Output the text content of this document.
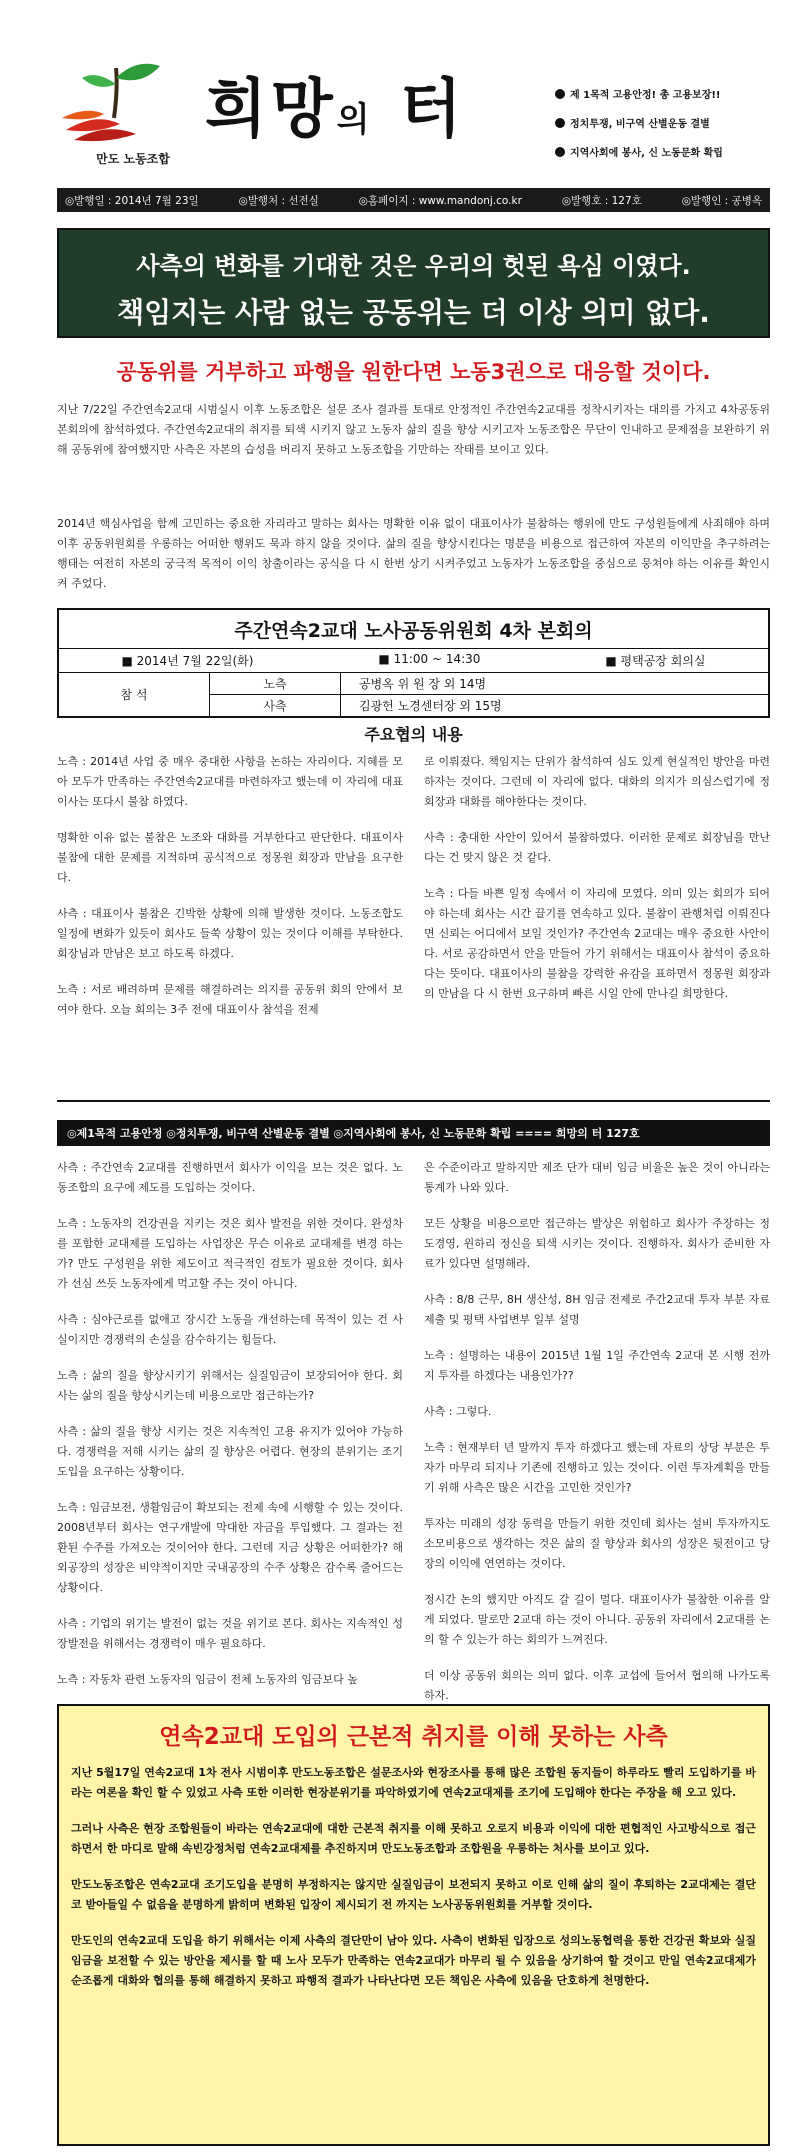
만도 노동조합
희망의 터	제 1목적 고용안정! 총 고용보장!!
정치투쟁, 비구역 산별운동 결별
지역사회에 봉사, 신 노동문화 확립
◎발행일 : 2014년 7월 23일	◎발행처 : 선전실	◎홈페이지 : www.mandonj.co.kr	◎발행호 : 127호	◎발행인 : 공병옥
사측의 변화를 기대한 것은 우리의 헛된 욕심 이였다.
책임지는 사람 없는 공동위는 더 이상 의미 없다.
공동위를 거부하고 파행을 원한다면 노동3권으로 대응할 것이다.
지난 7/22일 주간연속2교대 시범실시 이후 노동조합은 설문 조사 결과를 토대로 안정적인 주간연속2교대를 정착시키자는 대의를 가지고 4차공동위 본회의에 참석하였다. 주간연속2교대의 취지를 퇴색 시키지 않고 노동자 삶의 질을 향상 시키고자 노동조합은 무단이 인내하고 문제점을 보완하기 위해 공동위에 참여했지만 사측은 자본의 습성을 버리지 못하고 노동조합을 기만하는 작태를 보이고 있다.
2014년 핵심사업을 함께 고민하는 중요한 자리라고 말하는 회사는 명확한 이유 없이 대표이사가 불참하는 행위에 만도 구성원들에게 사죄해야 하며 이후 공동위원회를 우롱하는 어떠한 행위도 묵과 하지 않을 것이다. 삶의 질을 향상시킨다는 명분을 비용으로 접근하여 자본의 이익만을 추구하려는 행태는 여전히 자본의 궁극적 목적이 이익 창출이라는 공식을 다 시 한번 상기 시켜주었고 노동자가 노동조합을 중심으로 뭉쳐야 하는 이유를 확인시켜 주었다.
주간연속2교대 노사공동위원회 4차 본회의
■ 2014년 7월 22일(화)	■ 11:00 ~ 14:30	■ 평택공장 회의실
참 석
노측	공병옥 위 원 장 외 14명
사측	김광헌 노경센터장 외 15명
주요협의 내용

노측 : 2014년 사업 중 매우 중대한 사항을 논하는 자리이다. 지혜를 모아 모두가 만족하는 주간연속2교대를 마련하자고 했는데 이 자리에 대표이사는 또다시 불참 하였다.

명확한 이유 없는 불참은 노조와 대화를 거부한다고 판단한다. 대표이사 불참에 대한 문제를 지적하며 공식적으로 정몽원 회장과 만남을 요구한다.

사측 : 대표이사 불참은 긴박한 상황에 의해 발생한 것이다. 노동조합도 일정에 변화가 있듯이 회사도 들쑥 상황이 있는 것이다 이해를 부탁한다. 회장님과 만남은 보고 하도록 하겠다.

노측 : 서로 배려하며 문제를 해결하려는 의지를 공동위 회의 안에서 보여야 한다. 오늘 회의는 3주 전에 대표이사 참석을 전제

로 이뤄졌다. 책임지는 단위가 참석하여 심도 있게 현실적인 방안을 마련하자는 것이다. 그런데 이 자리에 없다. 대화의 의지가 의심스럽기에 정 회장과 대화를 해야한다는 것이다.

사측 : 충대한 사안이 있어서 불참하였다. 이러한 문제로 회장님을 만난 다는 건 맞지 않은 것 같다.

노측 : 다들 바쁜 일정 속에서 이 자리에 모였다. 의미 있는 회의가 되어야 하는데 회사는 시간 끌기를 연속하고 있다. 불참이 관행처럼 이뤄진다면 신뢰는 어디에서 보일 것인가? 주간연속 2교대는 매우 중요한 사안이다. 서로 공감하면서 안을 만들어 가기 위해서는 대표이사 참석이 중요하다는 뜻이다. 대표이사의 불참을 강력한 유감을 표하면서 정몽원 회장과의 만남을 다 시 한번 요구하며 빠른 시일 안에 만나길 희망한다.

◎제1목적 고용안정 ◎정치투쟁, 비구역 산별운동 결별 ◎지역사회에 봉사, 신 노동문화 확립 ==== 희망의 터 127호

사측 : 주간연속 2교대를 진행하면서 회사가 이익을 보는 것은 없다. 노동조합의 요구에 제도를 도입하는 것이다.

노측 : 노동자의 건강권을 지키는 것은 회사 발전을 위한 것이다. 완성차를 포함한 교대제를 도입하는 사업장은 무슨 이유로 교대제를 변경 하는가? 만도 구성원을 위한 제도이고 적극적인 검토가 필요한 것이다. 회사가 선심 쓰듯 노동자에게 먹고할 주는 것이 아니다.

사측 : 심야근로를 없애고 장시간 노동을 개선하는데 목적이 있는 건 사실이지만 경쟁력의 손실을 감수하기는 힘들다.

노측 : 삶의 질을 향상시키기 위해서는 실질임금이 보장되어야 한다. 회사는 삶의 질을 향상시키는데 비용으로만 접근하는가?

사측 : 삶의 질을 향상 시키는 것은 지속적인 고용 유지가 있어야 가능하다. 경쟁력을 저해 시키는 삶의 질 향상은 어렵다. 현장의 분위기는 조기 도입을 요구하는 상황이다.

노측 : 임금보전, 생활임금이 확보되는 전제 속에 시행할 수 있는 것이다. 2008년부터 회사는 연구개발에 막대한 자금을 투입했다. 그 결과는 전환된 수주를 가져오는 것이어야 한다. 그런데 지금 상황은 어떠한가? 해외공장의 성장은 비약적이지만 국내공장의 수주 상황은 감수록 줄어드는 상황이다.

사측 : 기업의 위기는 발전이 없는 것을 위기로 본다. 회사는 지속적인 성장발전을 위해서는 경쟁력이 매우 필요하다.

노측 : 자동차 관련 노동자의 임금이 전체 노동자의 임금보다 높

은 수준이라고 말하지만 제조 단가 대비 임금 비율은 높은 것이 아니라는 통계가 나와 있다.

모든 상황을 비용으로만 접근하는 발상은 위험하고 회사가 주장하는 정도경영, 윈하리 정신을 퇴색 시키는 것이다. 진행하자. 회사가 준비한 자료가 있다면 설명해라.

사측 : 8/8 근무, 8H 생산성, 8H 임금 전제로 주간2교대 투자 부분 자료 제출 및 평택 사업변부 일부 설명

노측 : 설명하는 내용이 2015년 1월 1일 주간연속 2교대 본 시행 전까지 투자를 하겠다는 내용인가??

사측 : 그렇다.

노측 : 현재부터 년 말까지 투자 하겠다고 했는데 자료의 상당 부분은 투자가 마무리 되지나 기존에 진행하고 있는 것이다. 이런 투자계획을 만들기 위해 사측은 많은 시간을 고민한 것인가?

투자는 미래의 성장 동력을 만들기 위한 것인데 회사는 설비 투자까지도 소모비용으로 생각하는 것은 삶의 질 향상과 회사의 성장은 뒷전이고 당장의 이익에 연연하는 것이다.

정시간 논의 했지만 아직도 갈 길이 멀다. 대표이사가 불참한 이유를 알게 되었다. 말로만 2교대 하는 것이 아니다. 공동위 자리에서 2교대를 논의 할 수 있는가 하는 회의가 느껴진다.

더 이상 공동위 회의는 의미 없다. 이후 교섭에 들어서 협의해 나가도록 하자.

연속2교대 도입의 근본적 취지를 이해 못하는 사측

지난 5월17일 연속2교대 1차 전사 시범이후 만도노동조합은 설문조사와 현장조사를 통해 많은 조합원 동지들이 하루라도 빨리 도입하기를 바라는 여론을 확인 할 수 있었고 사측 또한 이러한 현장분위기를 파악하였기에 연속2교대제를 조기에 도입해야 한다는 주장을 해 오고 있다.

그러나 사측은 현장 조합원들이 바라는 연속2교대에 대한 근본적 취지를 이해 못하고 오로지 비용과 이익에 대한 편협적인 사고방식으로 접근하면서 한 마디로 말해 속빈강정처럼 연속2교대제를 추진하지며 만도노동조합과 조합원을 우롱하는 처사를 보이고 있다.

만도노동조합은 연속2교대 조기도입을 분명히 부정하지는 않지만 실질임금이 보전되지 못하고 이로 인해 삶의 질이 후퇴하는 2교대제는 결단코 받아들일 수 없음을 분명하게 밝히며 변화된 입장이 제시되기 전 까지는 노사공동위원회를 거부할 것이다.

만도인의 연속2교대 도입을 하기 위해서는 이제 사측의 결단만이 남아 있다. 사측이 변화된 입장으로 성의노동협력을 통한 건강권 확보와 실질임금을 보전할 수 있는 방안을 제시를 할 때 노사 모두가 만족하는 연속2교대가 마무리 될 수 있음을 상기하여 할 것이고 만일 연속2교대제가 순조롭게 대화와 협의를 통해 해결하지 못하고 파행적 결과가 나타난다면 모든 책임은 사측에 있음을 단호하게 천명한다.
